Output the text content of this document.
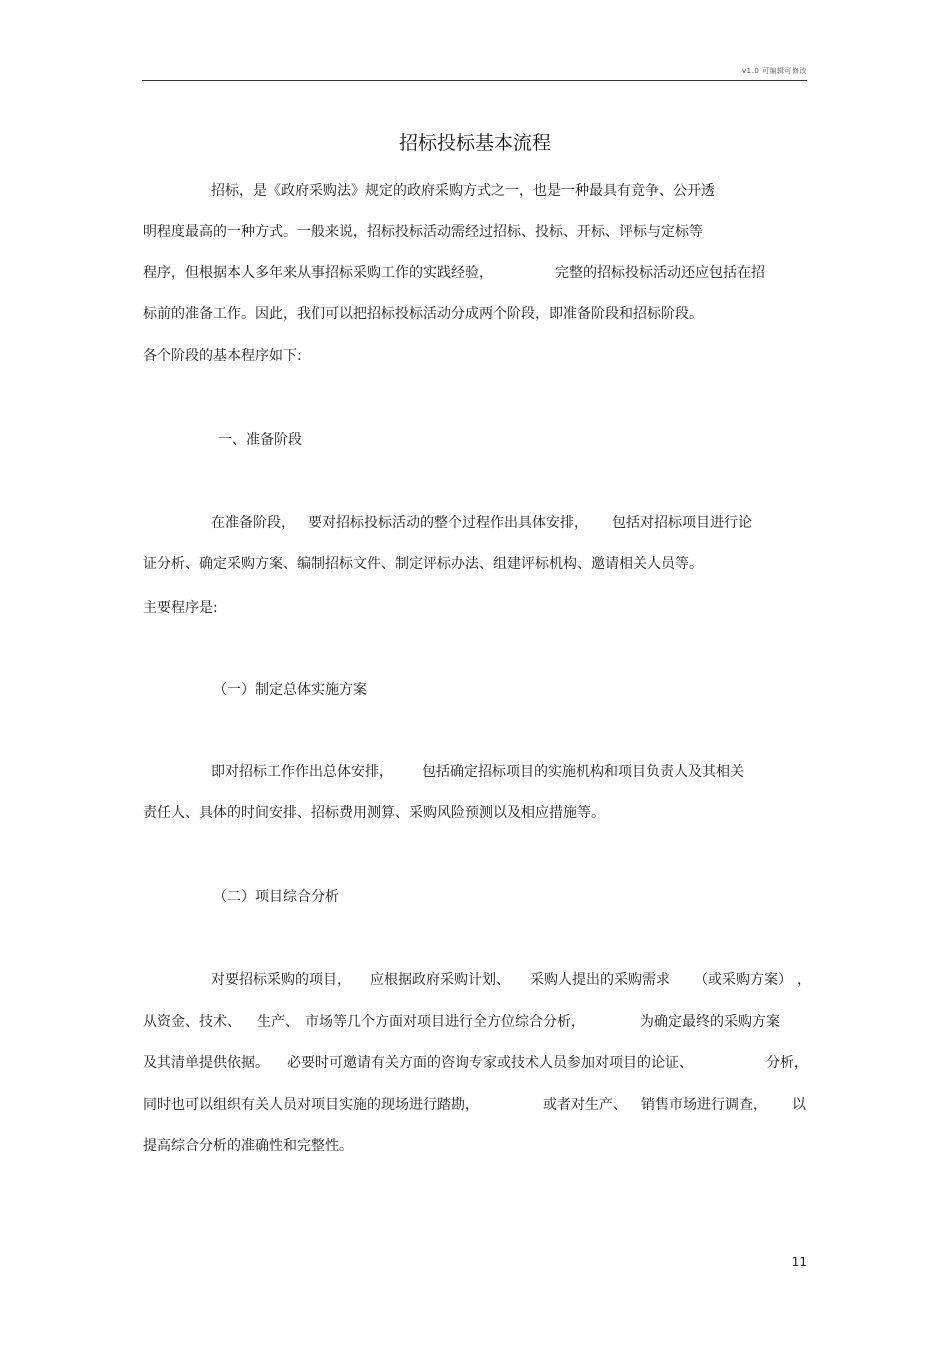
v1.0 可编辑可修改
招标投标基本流程
招标，是《政府采购法》规定的政府采购方式之一，也是一种最具有竞争、公开透
明程度最高的一种方式。一般来说，招标投标活动需经过招标、投标、开标、评标与定标等
程序，但根据本人多年来从事招标采购工作的实践经验，	完整的招标投标活动还应包括在招
标前的准备工作。因此，我们可以把招标投标活动分成两个阶段，即准备阶段和招标阶段。
各个阶段的基本程序如下:
一、准备阶段
在准备阶段， 要对招标投标活动的整个过程作出具体安排， 包括对招标项目进行论
证分析、确定采购方案、编制招标文件、制定评标办法、组建评标机构、邀请相关人员等。
主要程序是:
（一）制定总体实施方案
即对招标工作作出总体安排， 包括确定招标项目的实施机构和项目负责人及其相关
责任人、具体的时间安排、招标费用测算、采购风险预测以及相应措施等。
（二）项目综合分析
对要招标采购的项目， 应根据政府采购计划、 采购人提出的采购需求 （或采购方案） ，
从资金、技术、 生产、 市场等几个方面对项目进行全方位综合分析，	为确定最终的采购方案
及其清单提供依据。 必要时可邀请有关方面的咨询专家或技术人员参加对项目的论证、	分析，
同时也可以组织有关人员对项目实施的现场进行踏勘，	或者对生产、 销售市场进行调查， 以
提高综合分析的准确性和完整性。
11
